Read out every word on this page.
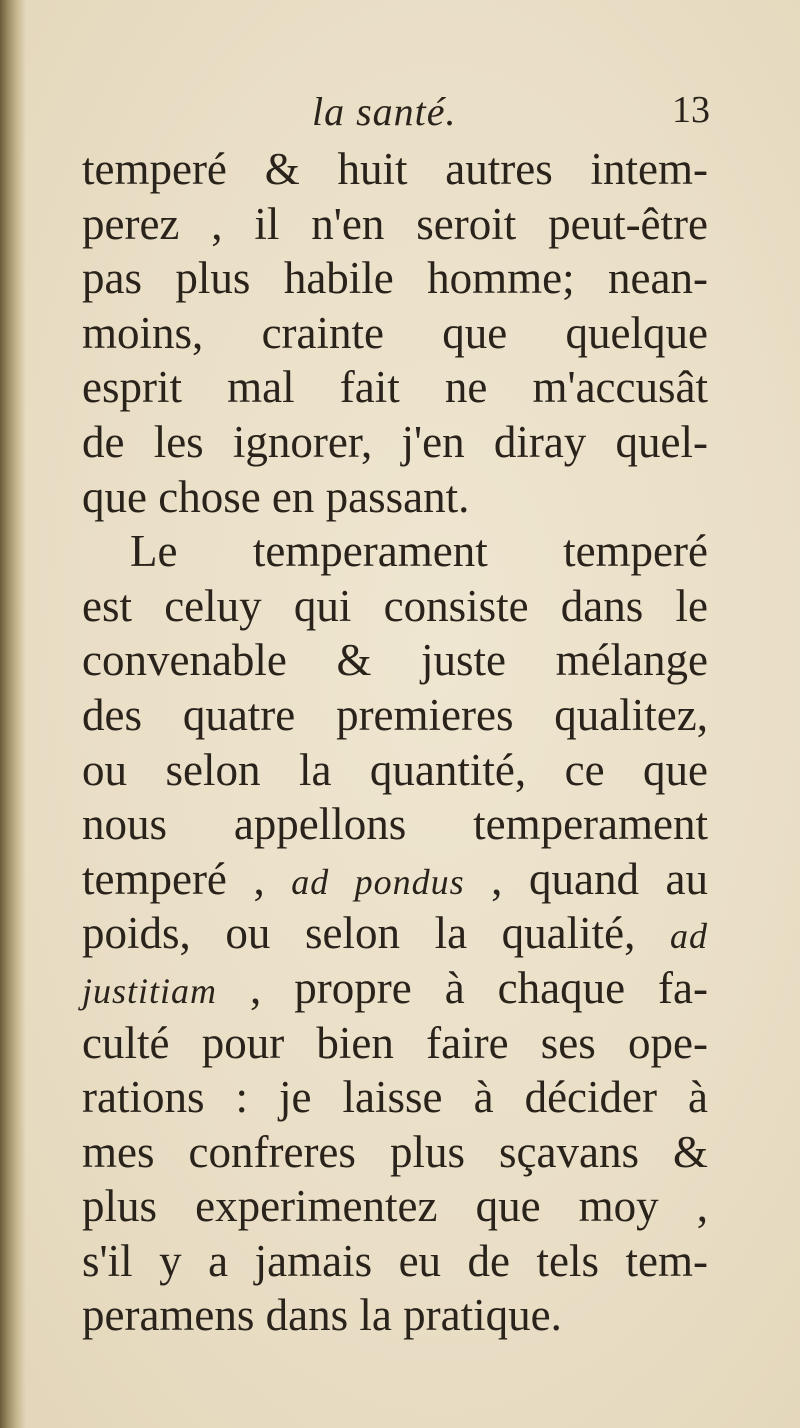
la santé.	13
temperé & huit autres intem-
perez , il n'en seroit peut-être
pas plus habile homme; nean-
moins, crainte que quelque
esprit mal fait ne m'accusât
de les ignorer, j'en diray quel-
que chose en passant.
Le temperament temperé
est celuy qui consiste dans le
convenable & juste mélange
des quatre premieres qualitez,
ou selon la quantité, ce que
nous appellons temperament
temperé , ad pondus , quand au
poids, ou selon la qualité, ad
justitiam , propre à chaque fa-
culté pour bien faire ses ope-
rations : je laisse à décider à
mes confreres plus sçavans &
plus experimentez que moy ,
s'il y a jamais eu de tels tem-
peramens dans la pratique.
